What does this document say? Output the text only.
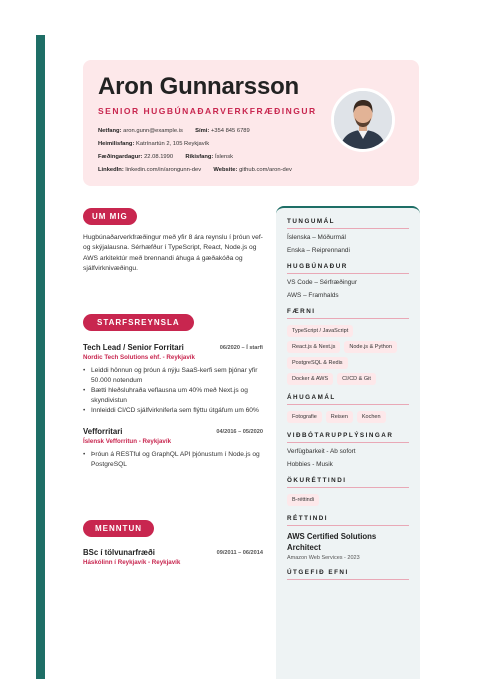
Aron Gunnarsson
SENIOR HUGBÚNAÐARVERKFRÆÐINGUR
Netfang: aron.gunn@example.is Sími: +354 845 6789
Heimilisfang: Katrínartún 2, 105 Reykjavík
Fæðingardagur: 22.08.1990 Ríkisfang: Íslensk
LinkedIn: linkedin.com/in/arongunn-dev Website: github.com/aron-dev
UM MIG
Hugbúnaðarverkfræðingur með yfir 8 ára reynslu í þróun vef- og skýjalausna. Sérhæfður í TypeScript, React, Node.js og AWS arkitektúr með brennandi áhuga á gæðakóða og sjálfvirknivæðingu.
STARFSREYNSLA
Tech Lead / Senior Forritari	06/2020 – Í starfi
Nordic Tech Solutions ehf. - Reykjavík
• Leiddi hönnun og þróun á nýju SaaS-kerfi sem þjónar yfir 50.000 notendum
• Bætti hleðsluhraða veflausna um 40% með Next.js og skyndivistun
• Innleiddi CI/CD sjálfvirkniferla sem flýttu útgáfum um 60%
Vefforritari	04/2016 – 05/2020
Íslensk Vefforritun - Reykjavík
• Þróun á RESTful og GraphQL API þjónustum í Node.js og PostgreSQL
MENNTUN
BSc í tölvunarfræði	09/2011 – 06/2014
Háskólinn í Reykjavík - Reykjavík
TUNGUMÁL
Íslenska – Móðurmál
Enska – Reiprennandi
HUGBÚNAÐUR
VS Code – Sérfræðingur
AWS – Framhalds
FÆRNI
TypeScript / JavaScript
React.js & Next.js	Node.js & Python
PostgreSQL & Redis
Docker & AWS	CI/CD & Git
ÁHUGAMÁL
Fotografie	Reisen	Kochen
VIÐBÓTARUPPLÝSINGAR
Verfügbarkeit - Ab sofort
Hobbies - Musik
ÖKURÉTTINDI
B-réttindi
RÉTTINDI
AWS Certified Solutions Architect
Amazon Web Services - 2023
ÚTGEFIÐ EFNI
